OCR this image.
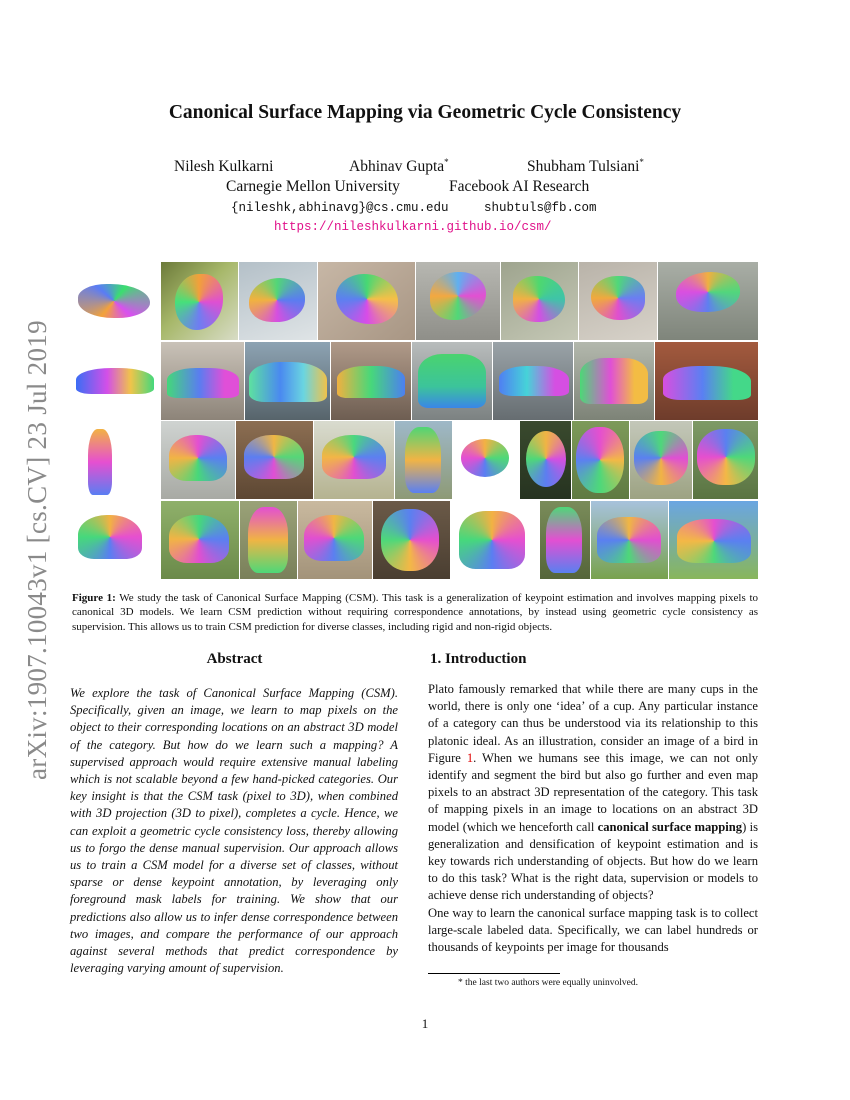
arXiv:1907.10043v1 [cs.CV] 23 Jul 2019
Canonical Surface Mapping via Geometric Cycle Consistency
Nilesh Kulkarni	Abhinav Gupta*	Shubham Tulsiani*
Carnegie Mellon University	Facebook AI Research
{nileshk,abhinavg}@cs.cmu.edu	shubtuls@fb.com
https://nileshkulkarni.github.io/csm/
Figure 1: We study the task of Canonical Surface Mapping (CSM). This task is a generalization of keypoint estimation and involves mapping pixels to canonical 3D models. We learn CSM prediction without requiring correspondence annotations, by instead using geometric cycle consistency as supervision. This allows us to train CSM prediction for diverse classes, including rigid and non-rigid objects.
Abstract
We explore the task of Canonical Surface Mapping (CSM). Specifically, given an image, we learn to map pixels on the object to their corresponding locations on an abstract 3D model of the category. But how do we learn such a mapping? A supervised approach would require extensive manual labeling which is not scalable beyond a few hand-picked categories. Our key insight is that the CSM task (pixel to 3D), when combined with 3D projection (3D to pixel), completes a cycle. Hence, we can exploit a geometric cycle consistency loss, thereby allowing us to forgo the dense manual supervision. Our approach allows us to train a CSM model for a diverse set of classes, without sparse or dense keypoint annotation, by leveraging only foreground mask labels for training. We show that our predictions also allow us to infer dense correspondence between two images, and compare the performance of our approach against several methods that predict correspondence by leveraging varying amount of supervision.
1. Introduction

Plato famously remarked that while there are many cups in the world, there is only one ‘idea’ of a cup. Any particular instance of a category can thus be understood via its relationship to this platonic ideal. As an illustration, consider an image of a bird in Figure 1. When we humans see this image, we can not only identify and segment the bird but also go further and even map pixels to an abstract 3D representation of the category. This task of mapping pixels in an image to locations on an abstract 3D model (which we henceforth call canonical surface mapping) is generalization and densification of keypoint estimation and is key towards rich understanding of objects. But how do we learn to do this task? What is the right data, supervision or models to achieve dense rich understanding of objects?

One way to learn the canonical surface mapping task is to collect large-scale labeled data. Specifically, we can label hundreds or thousands of keypoints per image for thousands

* the last two authors were equally uninvolved.
1
